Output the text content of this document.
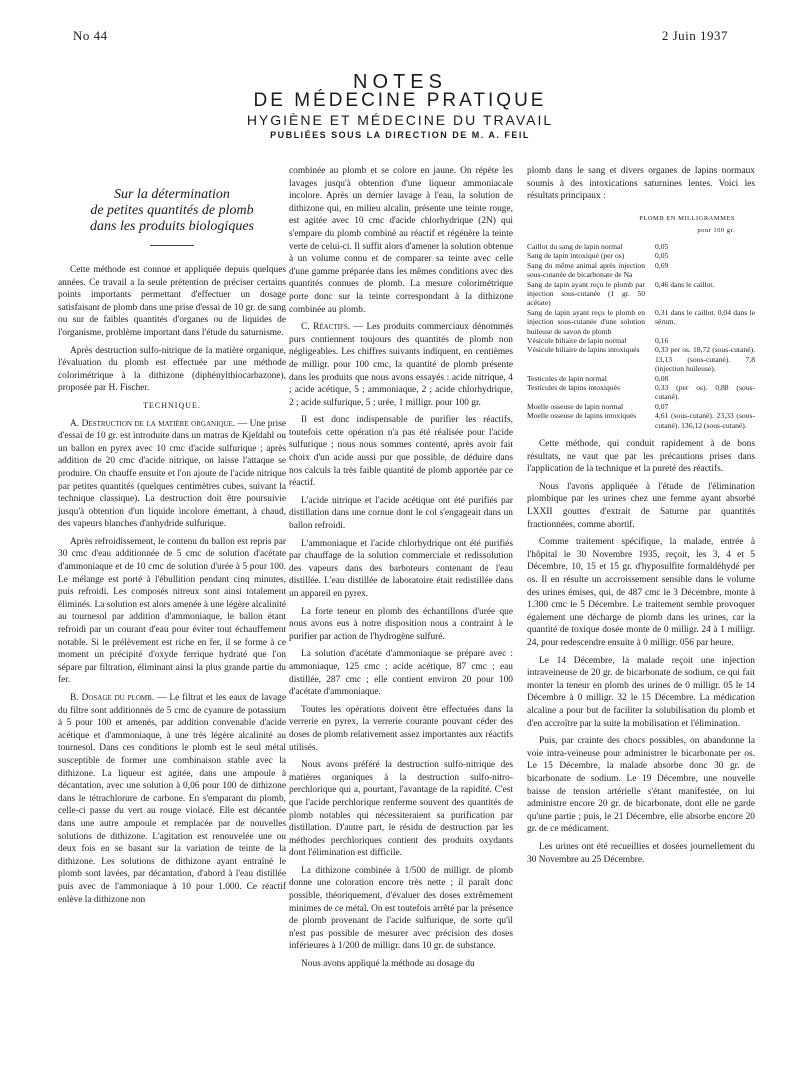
No 44	2 Juin 1937
NOTES
DE MÉDECINE PRATIQUE
HYGIÈNE ET MÉDECINE DU TRAVAIL
PUBLIÉES SOUS LA DIRECTION DE M. A. FEIL
Sur la détermination
de petites quantités de plomb
dans les produits biologiques

Cette méthode est connue et appliquée depuis quelques années. Ce travail a la seule prétention de préciser certains points importants permettant d'effectuer un dosage satisfaisant de plomb dans une prise d'essai de 10 gr. de sang ou sur de faibles quantités d'organes ou de liquides de l'organisme, problème important dans l'étude du saturnisme.

Après destruction sulfo-nitrique de la matière organique, l'évaluation du plomb est effectuée par une méthode colorimétrique à la dithizone (diphénylthiocarbazone), proposée par H. Fischer.

TECHNIQUE.

A. Destruction de la matière organique. — Une prise d'essai de 10 gr. est introduite dans un matras de Kjeldahl ou un ballon en pyrex avec 10 cmc d'acide sulfurique ; après addition de 20 cmc d'acide nitrique, on laisse l'attaque se produire. On chauffe ensuite et l'on ajoute de l'acide nitrique par petites quantités (quelques centimètres cubes, suivant la technique classique). La destruction doit être poursuivie jusqu'à obtention d'un liquide incolore émettant, à chaud, des vapeurs blanches d'anhydride sulfurique.

Après refroidissement, le contenu du ballon est repris par 30 cmc d'eau additionnée de 5 cmc de solution d'acétate d'ammoniaque et de 10 cmc de solution d'urée à 5 pour 100. Le mélange est porté à l'ébullition pendant cinq minutes, puis refroidi. Les composés nitreux sont ainsi totalement éliminés. La solution est alors amenée à une légère alcalinité au tournesol par addition d'ammoniaque, le ballon étant refroidi par un courant d'eau pour éviter tout échauffement notable. Si le prélèvement est riche en fer, il se forme à ce moment un précipité d'oxyde ferrique hydraté que l'on sépare par filtration, éliminant ainsi la plus grande partie du fer.

B. Dosage du plomb. — Le filtrat et les eaux de lavage du filtre sont additionnés de 5 cmc de cyanure de potassium à 5 pour 100 et amenés, par addition convenable d'acide acétique et d'ammoniaque, à une très légère alcalinité au tournesol. Dans ces conditions le plomb est le seul métal susceptible de former une combinaison stable avec la dithizone. La liqueur est agitée, dans une ampoule à décantation, avec une solution à 0,06 pour 100 de dithizone dans le tétrachlorure de carbone. En s'emparant du plomb, celle-ci passe du vert au rouge violacé. Elle est décantée dans une autre ampoule et remplacée par de nouvelles solutions de dithizone. L'agitation est renouvelée une ou deux fois en se basant sur la variation de teinte de la dithizone. Les solutions de dithizone ayant entraîné le plomb sont lavées, par décantation, d'abord à l'eau distillée puis avec de l'ammoniaque à 10 pour 1.000. Ce réactif enlève la dithizone non

combinée au plomb et se colore en jaune. On répète les lavages jusqu'à obtention d'une liqueur ammoniacale incolore. Après un dernier lavage à l'eau, la solution de dithizone qui, en milieu alcalin, présente une teinte rouge, est agitée avec 10 cmc d'acide chlorhydrique (2N) qui s'empare du plomb combiné au réactif et régénère la teinte verte de celui-ci. Il suffit alors d'amener la solution obtenue à un volume connu et de comparer sa teinte avec celle d'une gamme préparée dans les mêmes conditions avec des quantités connues de plomb. La mesure colorimétrique porte donc sur la teinte correspondant à la dithizone combinée au plomb.

C. Réactifs. — Les produits commerciaux dénommés purs contiennent toujours des quantités de plomb non négligeables. Les chiffres suivants indiquent, en centièmes de milligr. pour 100 cmc, la quantité de plomb présente dans les produits que nous avons essayés : acide nitrique, 4 ; acide acétique, 5 ; ammoniaque, 2 ; acide chlorhydrique, 2 ; acide sulfurique, 5 ; urée, 1 milligr. pour 100 gr.

Il est donc indispensable de purifier les réactifs, toutefois cette opération n'a pas été réalisée pour l'acide sulfurique ; nous nous sommes contenté, après avoir fait choix d'un acide aussi pur que possible, de déduire dans nos calculs la très faible quantité de plomb apportée par ce réactif.

L'acide nitrique et l'acide acétique ont été purifiés par distillation dans une cornue dont le col s'engageait dans un ballon refroidi.

L'ammoniaque et l'acide chlorhydrique ont été purifiés par chauffage de la solution commerciale et redissolution des vapeurs dans des barboteurs contenant de l'eau distillée. L'eau distillée de laboratoire était redistillée dans un appareil en pyrex.

La forte teneur en plomb des échantillons d'urée que nous avons eus à notre disposition nous a contraint à le purifier par action de l'hydrogène sulfuré.

La solution d'acétate d'ammoniaque se prépare avec : ammoniaque, 125 cmc ; acide acétique, 87 cmc ; eau distillée, 287 cmc ; elle contient environ 20 pour 100 d'acétate d'ammoniaque.

Toutes les opérations doivent être effectuées dans la verrerie en pyrex, la verrerie courante pouvant céder des doses de plomb relativement assez importantes aux réactifs utilisés.

Nous avons préféré la destruction sulfo-nitrique des matières organiques à la destruction sulfo-nitro-perchlorique qui a, pourtant, l'avantage de la rapidité. C'est que l'acide perchlorique renferme souvent des quantités de plomb notables qui nécessiteraient sa purification par distillation. D'autre part, le résidu de destruction par les méthodes perchloriques contient des produits oxydants dont l'élimination est difficile.

La dithizone combinée à 1/500 de milligr. de plomb donne une coloration encore très nette ; il paraît donc possible, théoriquement, d'évaluer des doses extrêmement minimes de ce métal. On est toutefois arrêté par la présence de plomb provenant de l'acide sulfurique, de sorte qu'il n'est pas possible de mesurer avec précision des doses inférieures à 1/200 de milligr. dans 10 gr. de substance.

Nous avons appliqué la méthode au dosage du

plomb dans le sang et divers organes de lapins normaux soumis à des intoxications saturnines lentes. Voici les résultats principaux :

PLOMB EN MILLIGRAMMES
pour 100 gr.
Caillot du sang de lapin normal	0,05
Sang de lapin intoxiqué (per os)	0,05
Sang du même animal après injection sous-cutanée de bicarbonate de Na	0,69
Sang de lapin ayant reçu le plomb par injection sous-cutanée (1 gr. 50 acétate)	0,46 dans le caillot.
Sang de lapin ayant reçu le plomb en injection sous-cutanée d'une solution huileuse de savon de plomb	0,31 dans le caillot. 0,04 dans le sérum.
Vésicule biliaire de lapin normal	0,16
Vésicule biliaire de lapins intoxiqués	0,33 per os. 18,72 (sous-cutané). 13,13 (sous-cutané). 7,8 (injection huileuse).
Testicules de lapin normal	0,08
Testicules de lapins intoxiqués	0,33 (per os). 0,88 (sous-cutané).
Moelle osseuse de lapin normal	0,07
Moelle osseuse de lapins intoxiqués	4,61 (sous-cutané). 23,33 (sous-cutané). 136,12 (sous-cutané).

Cette méthode, qui conduit rapidement à de bons résultats, ne vaut que par les précautions prises dans l'application de la technique et la pureté des réactifs.

Nous l'avons appliquée à l'étude de l'élimination plombique par les urines chez une femme ayant absorbé LXXII gouttes d'extrait de Saturne par quantités fractionnées, comme abortif.

Comme traitement spécifique, la malade, entrée à l'hôpital le 30 Novembre 1935, reçoit, les 3, 4 et 5 Décembre, 10, 15 et 15 gr. d'hyposulfite formaldéhydé per os. Il en résulte un accroissement sensible dans le volume des urines émises, qui, de 487 cmc le 3 Décembre, monte à 1.300 cmc le 5 Décembre. Le traitement semble provoquer également une décharge de plomb dans les urines, car la quantité de toxique dosée monte de 0 milligr. 24 à 1 milligr. 24, pour redescendre ensuite à 0 milligr. 056 par heure.

Le 14 Décembre, la malade reçoit une injection intraveineuse de 20 gr. de bicarbonate de sodium, ce qui fait monter la teneur en plomb des urines de 0 milligr. 05 le 14 Décembre à 0 milligr. 32 le 15 Décembre. La médication alcaline a pour but de faciliter la solubilisation du plomb et d'en accroître par la suite la mobilisation et l'élimination.

Puis, par crainte des chocs possibles, on abandonne la voie intra-veineuse pour administrer le bicarbonate per os. Le 15 Décembre, la malade absorbe donc 30 gr. de bicarbonate de sodium. Le 19 Décembre, une nouvelle baisse de tension artérielle s'étant manifestée, on lui administre encore 20 gr. de bicarbonate, dont elle ne garde qu'une partie ; puis, le 21 Décembre, elle absorbe encore 20 gr. de ce médicament.

Les urines ont été recueillies et dosées journellement du 30 Novembre au 25 Décembre.
